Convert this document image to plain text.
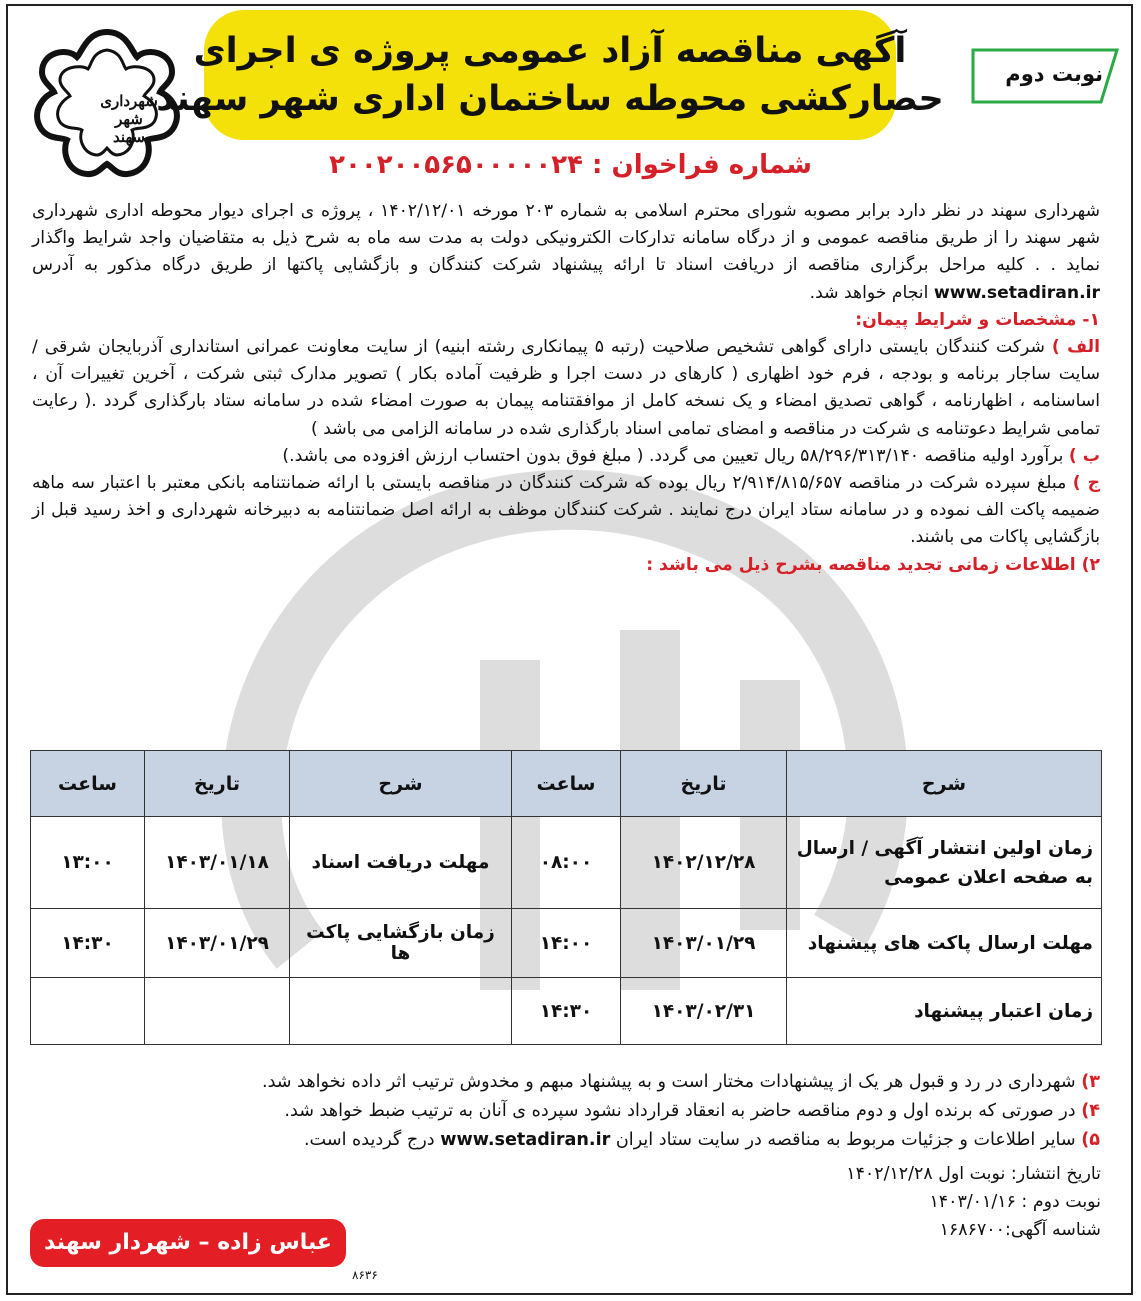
شهرداری
شهر
سهند
آگهی مناقصه آزاد عمومی پروژه ی اجرای
حصارکشی محوطه ساختمان اداری شهر سهند
نوبت دوم
شماره فراخوان : ۲۰۰۲۰۰۵۶۵۰۰۰۰۰۲۴

شهرداری سهند در نظر دارد برابر مصوبه شورای محترم اسلامی به شماره ۲۰۳ مورخه ۱۴۰۲/۱۲/۰۱ ، پروژه ی اجرای دیوار محوطه اداری شهرداری شهر سهند را از طریق مناقصه عمومی و از درگاه سامانه تدارکات الکترونیکی دولت به مدت سه ماه به شرح ذیل به متقاضیان واجد شرایط واگذار نماید . . کلیه مراحل برگزاری مناقصه از دریافت اسناد تا ارائه پیشنهاد شرکت کنندگان و بازگشایی پاکتها از طریق درگاه مذکور به آدرس www.setadiran.ir انجام خواهد شد.

۱- مشخصات و شرایط پیمان:

الف ) شرکت کنندگان بایستی دارای گواهی تشخیص صلاحیت (رتبه ۵ پیمانکاری رشته ابنیه) از سایت معاونت عمرانی استانداری آذربایجان شرقی / سایت ساجار برنامه و بودجه ، فرم خود اظهاری ( کارهای در دست اجرا و ظرفیت آماده بکار ) تصویر مدارک ثبتی شرکت ، آخرین تغییرات آن ، اساسنامه ، اظهارنامه ، گواهی تصدیق امضاء و یک نسخه کامل از موافقتنامه پیمان به صورت امضاء شده در سامانه ستاد بارگذاری گردد .( رعایت تمامی شرایط دعوتنامه ی شرکت در مناقصه و امضای تمامی اسناد بارگذاری شده در سامانه الزامی می باشد )

ب ) برآورد اولیه مناقصه ۵۸/۲۹۶/۳۱۳/۱۴۰ ریال تعیین می گردد. ( مبلغ فوق بدون احتساب ارزش افزوده می باشد.)

ج ) مبلغ سپرده شرکت در مناقصه ۲/۹۱۴/۸۱۵/۶۵۷ ریال بوده که شرکت کنندگان در مناقصه بایستی با ارائه ضمانتنامه بانکی معتبر با اعتبار سه ماهه ضمیمه پاکت الف نموده و در سامانه ستاد ایران درج نمایند . شرکت کنندگان موظف به ارائه اصل ضمانتنامه به دبیرخانه شهرداری و اخذ رسید قبل از بازگشایی پاکات می باشند.

۲) اطلاعات زمانی تجدید مناقصه بشرح ذیل می باشد :

شرح	تاریخ	ساعت	شرح	تاریخ	ساعت
زمان اولین انتشار آگهی / ارسال به صفحه اعلان عمومی	۱۴۰۲/۱۲/۲۸	۰۸:۰۰	مهلت دریافت اسناد	۱۴۰۳/۰۱/۱۸	۱۳:۰۰
مهلت ارسال پاکت های پیشنهاد	۱۴۰۳/۰۱/۲۹	۱۴:۰۰	زمان بازگشایی پاکت ها	۱۴۰۳/۰۱/۲۹	۱۴:۳۰
زمان اعتبار پیشنهاد	۱۴۰۳/۰۲/۳۱	۱۴:۳۰			

۳) شهرداری در رد و قبول هر یک از پیشنهادات مختار است و به پیشنهاد مبهم و مخدوش ترتیب اثر داده نخواهد شد.

۴) در صورتی که برنده اول و دوم مناقصه حاضر به انعقاد قرارداد نشود سپرده ی آنان به ترتیب ضبط خواهد شد.

۵) سایر اطلاعات و جزئیات مربوط به مناقصه در سایت ستاد ایران www.setadiran.ir درج گردیده است.

تاریخ انتشار: نوبت اول ۱۴۰۲/۱۲/۲۸

نوبت دوم : ۱۴۰۳/۰۱/۱۶

شناسه آگهی:۱۶۸۶۷۰۰

عباس زاده – شهردار سهند
۸۶۳۶
